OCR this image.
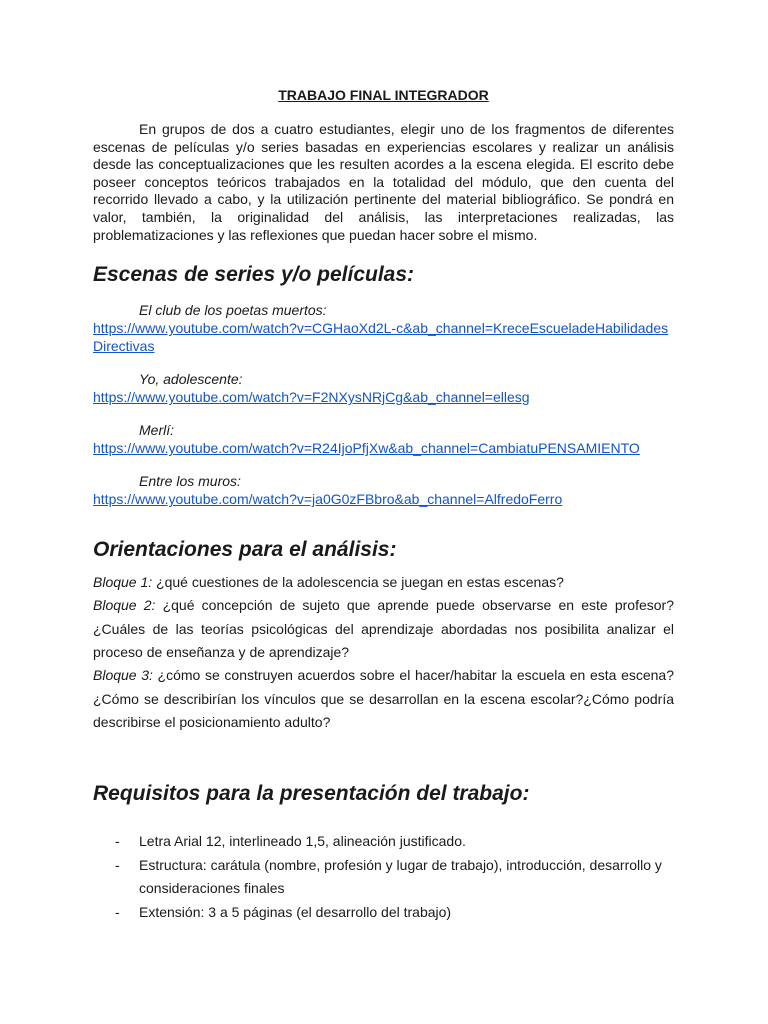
TRABAJO FINAL INTEGRADOR

En grupos de dos a cuatro estudiantes, elegir uno de los fragmentos de diferentes escenas de películas y/o series basadas en experiencias escolares y realizar un análisis desde las conceptualizaciones que les resulten acordes a la escena elegida. El escrito debe poseer conceptos teóricos trabajados en la totalidad del módulo, que den cuenta del recorrido llevado a cabo, y la utilización pertinente del material bibliográfico. Se pondrá en valor, también, la originalidad del análisis, las interpretaciones realizadas, las problematizaciones y las reflexiones que puedan hacer sobre el mismo.

Escenas de series y/o películas:
El club de los poetas muertos:
https://www.youtube.com/watch?v=CGHaoXd2L-c&ab_channel=KreceEscueladeHabilidadesDirectivas
Yo, adolescente:
https://www.youtube.com/watch?v=F2NXysNRjCg&ab_channel=ellesg
Merlí:
https://www.youtube.com/watch?v=R24IjoPfjXw&ab_channel=CambiatuPENSAMIENTO
Entre los muros:
https://www.youtube.com/watch?v=ja0G0zFBbro&ab_channel=AlfredoFerro
Orientaciones para el análisis:
Bloque 1: ¿qué cuestiones de la adolescencia se juegan en estas escenas?
Bloque 2: ¿qué concepción de sujeto que aprende puede observarse en este profesor? ¿Cuáles de las teorías psicológicas del aprendizaje abordadas nos posibilita analizar el proceso de enseñanza y de aprendizaje?
Bloque 3: ¿cómo se construyen acuerdos sobre el hacer/habitar la escuela en esta escena? ¿Cómo se describirían los vínculos que se desarrollan en la escena escolar?¿Cómo podría describirse el posicionamiento adulto?
Requisitos para la presentación del trabajo:
- Letra Arial 12, interlineado 1,5, alineación justificado.
- Estructura: carátula (nombre, profesión y lugar de trabajo), introducción, desarrollo y consideraciones finales
- Extensión: 3 a 5 páginas (el desarrollo del trabajo)
